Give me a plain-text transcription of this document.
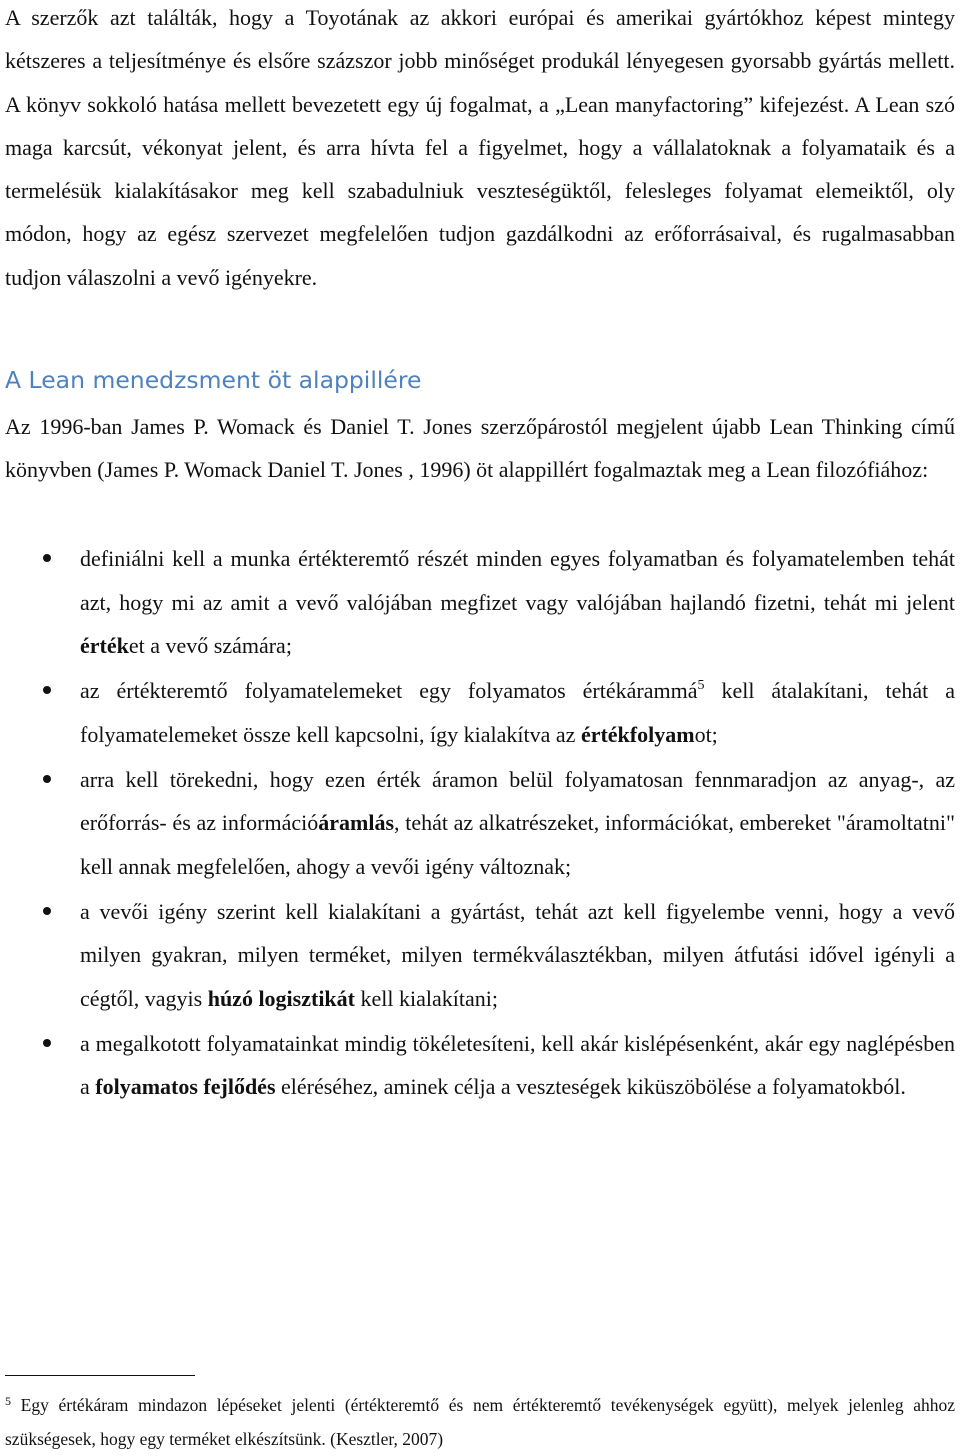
A szerzők azt találták, hogy a Toyotának az akkori európai és amerikai gyártókhoz képest mintegy kétszeres a teljesítménye és elsőre százszor jobb minőséget produkál lényegesen gyorsabb gyártás mellett. A könyv sokkoló hatása mellett bevezetett egy új fogalmat, a „Lean manyfactoring” kifejezést. A Lean szó maga karcsút, vékonyat jelent, és arra hívta fel a figyelmet, hogy a vállalatoknak a folyamataik és a termelésük kialakításakor meg kell szabadulniuk veszteségüktől, felesleges folyamat elemeiktől, oly módon, hogy az egész szervezet megfelelően tudjon gazdálkodni az erőforrásaival, és rugalmasabban tudjon válaszolni a vevő igényekre.

A Lean menedzsment öt alappillére

Az 1996-ban James P. Womack és Daniel T. Jones szerzőpárostól megjelent újabb Lean Thinking című könyvben (James P. Womack Daniel T. Jones , 1996) öt alappillért fogalmaztak meg a Lean filozófiához:

definiálni kell a munka értékteremtő részét minden egyes folyamatban és folyamatelemben tehát azt, hogy mi az amit a vevő valójában megfizet vagy valójában hajlandó fizetni, tehát mi jelent értéket a vevő számára;
az értékteremtő folyamatelemeket egy folyamatos értékárammá$^5$ kell átalakítani, tehát a folyamatelemeket össze kell kapcsolni, így kialakítva az értékfolyamot;
arra kell törekedni, hogy ezen érték áramon belül folyamatosan fennmaradjon az anyag-, az erőforrás- és az információáramlás, tehát az alkatrészeket, információkat, embereket "áramoltatni" kell annak megfelelően, ahogy a vevői igény változnak;
a vevői igény szerint kell kialakítani a gyártást, tehát azt kell figyelembe venni, hogy a vevő milyen gyakran, milyen terméket, milyen termékválasztékban, milyen átfutási idővel igényli a cégtől, vagyis húzó logisztikát kell kialakítani;
a megalkotott folyamatainkat mindig tökéletesíteni, kell akár kislépésenként, akár egy naglépésben a folyamatos fejlődés eléréséhez, aminek célja a veszteségek kiküszöbölése a folyamatokból.

$^5$ Egy értékáram mindazon lépéseket jelenti (értékteremtő és nem értékteremtő tevékenységek együtt), melyek jelenleg ahhoz szükségesek, hogy egy terméket elkészítsünk. (Kesztler, 2007)
